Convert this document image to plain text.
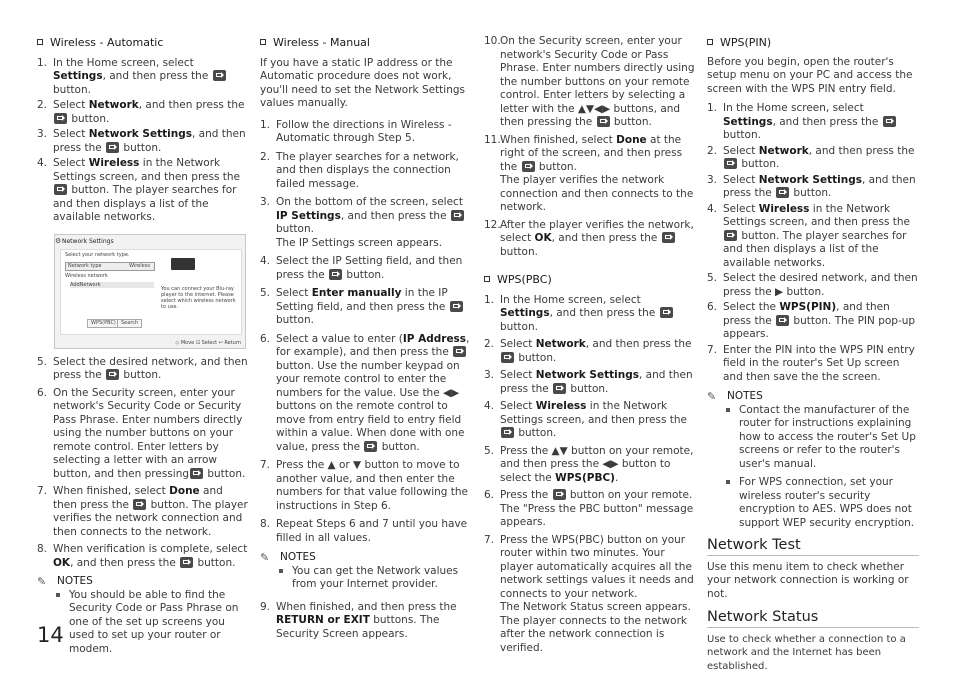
Wireless - Automatic

1. In the Home screen, select Settings, and then press the  button.
2. Select Network, and then press the  button.
3. Select Network Settings, and then press the  button.
4. Select Wireless in the Network Settings screen, and then press the  button. The player searches for and then displays a list of the available networks.
⚙ Network Settings
Select your network type.
Network type	Wireless
Wireless network
AddNetwork
You can connect your Blu-ray player to the internet. Please select which wireless network to use.
WPS(PBC)	Search
◇ Move ⊡ Select ↩ Return
5. Select the desired network, and then press the  button.
6. On the Security screen, enter your network's Security Code or Security Pass Phrase. Enter numbers directly using the number buttons on your remote control. Enter letters by selecting a letter with an arrow button, and then pressing button.
7. When finished, select Done and then press the  button. The player verifies the network connection and then connects to the network.
8. When verification is complete, select OK, and then press the  button.

✎ NOTES

You should be able to find the Security Code or Pass Phrase on one of the set up screens you used to set up your router or modem.

Wireless - Manual

If you have a static IP address or the Automatic procedure does not work, you'll need to set the Network Settings values manually.

1. Follow the directions in Wireless - Automatic through Step 5.
2. The player searches for a network, and then displays the connection failed message.
3. On the bottom of the screen, select IP Settings, and then press the  button.
The IP Settings screen appears.
4. Select the IP Setting field, and then press the  button.
5. Select Enter manually in the IP Setting field, and then press the  button.
6. Select a value to enter (IP Address, for example), and then press the  button. Use the number keypad on your remote control to enter the numbers for the value. Use the ◀▶ buttons on the remote control to move from entry field to entry field within a value. When done with one value, press the  button.
7. Press the ▲ or ▼ button to move to another value, and then enter the numbers for that value following the instructions in Step 6.
8. Repeat Steps 6 and 7 until you have filled in all values.

✎ NOTES

You can get the Network values from your Internet provider.
9. When finished, and then press the RETURN or EXIT buttons. The Security Screen appears.
10. On the Security screen, enter your network's Security Code or Pass Phrase. Enter numbers directly using the number buttons on your remote control. Enter letters by selecting a letter with the ▲▼◀▶ buttons, and then pressing the  button.
11. When finished, select Done at the right of the screen, and then press the  button.
The player verifies the network connection and then connects to the network.
12. After the player verifies the network, select OK, and then press the  button.

WPS(PBC)

1. In the Home screen, select Settings, and then press the  button.
2. Select Network, and then press the  button.
3. Select Network Settings, and then press the  button.
4. Select Wireless in the Network Settings screen, and then press the  button.
5. Press the ▲▼ button on your remote, and then press the ◀▶ button to select the WPS(PBC).
6. Press the  button on your remote. The "Press the PBC button" message appears.
7. Press the WPS(PBC) button on your router within two minutes. Your player automatically acquires all the network settings values it needs and connects to your network.
The Network Status screen appears. The player connects to the network after the network connection is verified.

WPS(PIN)

Before you begin, open the router's setup menu on your PC and access the screen with the WPS PIN entry field.

1. In the Home screen, select Settings, and then press the  button.
2. Select Network, and then press the  button.
3. Select Network Settings, and then press the  button.
4. Select Wireless in the Network Settings screen, and then press the  button. The player searches for and then displays a list of the available networks.
5. Select the desired network, and then press the ▶ button.
6. Select the WPS(PIN), and then press the  button. The PIN pop-up appears.
7. Enter the PIN into the WPS PIN entry field in the router's Set Up screen and then save the the screen.

✎ NOTES

Contact the manufacturer of the router for instructions explaining how to access the router's Set Up screens or refer to the router's user's manual.
For WPS connection, set your wireless router's security encryption to AES. WPS does not support WEP security encryption.

Network Test

Use this menu item to check whether your network connection is working or not.

Network Status

Use to check whether a connection to a network and the Internet has been established.

14
